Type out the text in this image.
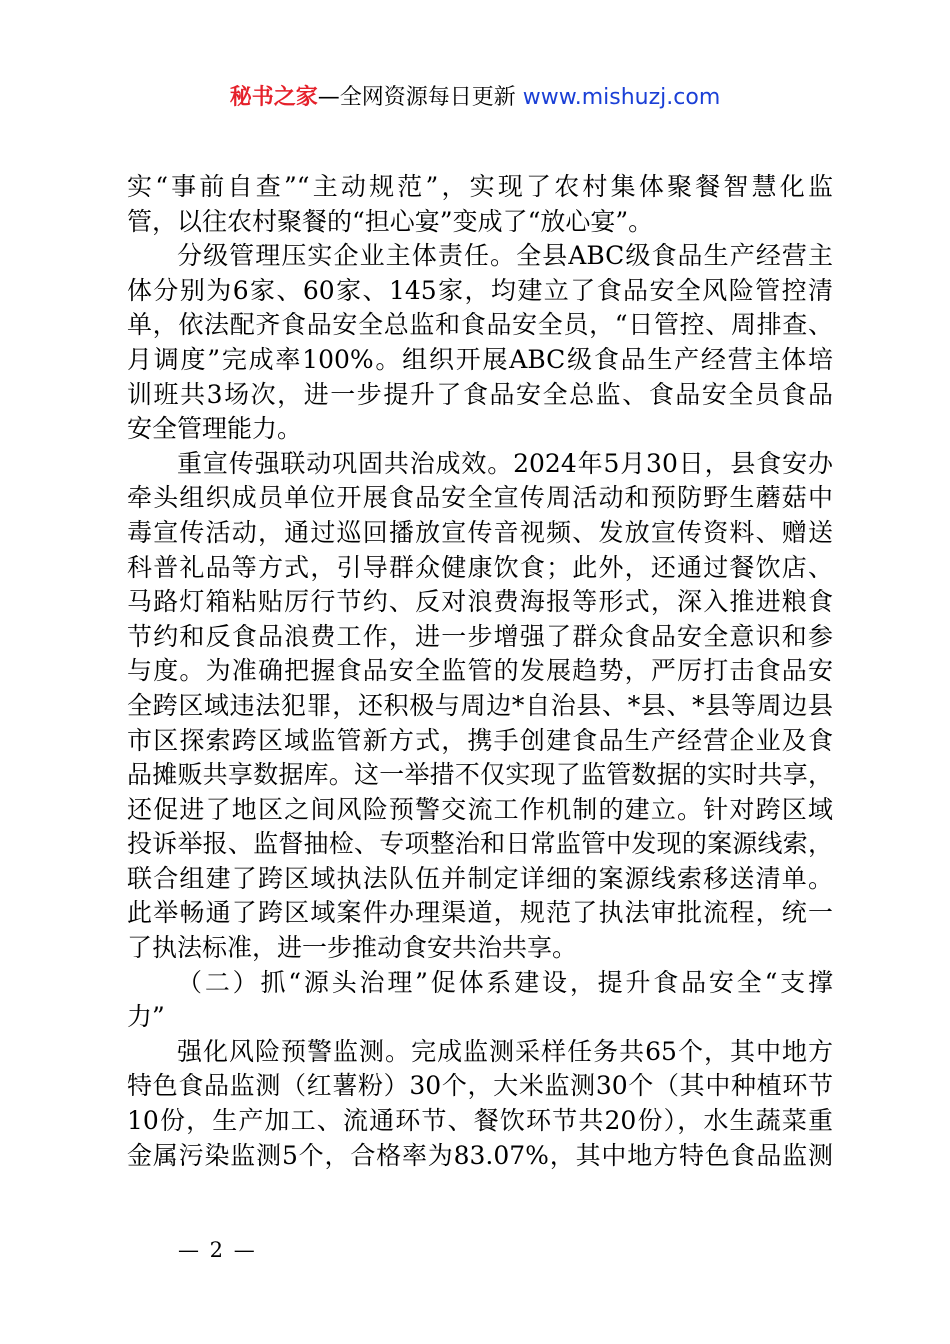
秘书之家—全网资源每日更新 www.mishuzj.com
实“事前自查”“主动规范”，实现了农村集体聚餐智慧化监
管，以往农村聚餐的“担心宴”变成了“放心宴”。
分级管理压实企业主体责任。全县ABC级食品生产经营主
体分别为6家、60家、145家，均建立了食品安全风险管控清
单，依法配齐食品安全总监和食品安全员，“日管控、周排查、
月调度”完成率100%。组织开展ABC级食品生产经营主体培
训班共3场次，进一步提升了食品安全总监、食品安全员食品
安全管理能力。
重宣传强联动巩固共治成效。2024年5月30日，县食安办
牵头组织成员单位开展食品安全宣传周活动和预防野生蘑菇中
毒宣传活动，通过巡回播放宣传音视频、发放宣传资料、赠送
科普礼品等方式，引导群众健康饮食；此外，还通过餐饮店、
马路灯箱粘贴厉行节约、反对浪费海报等形式，深入推进粮食
节约和反食品浪费工作，进一步增强了群众食品安全意识和参
与度。为准确把握食品安全监管的发展趋势，严厉打击食品安
全跨区域违法犯罪，还积极与周边*自治县、*县、*县等周边县
市区探索跨区域监管新方式，携手创建食品生产经营企业及食
品摊贩共享数据库。这一举措不仅实现了监管数据的实时共享，
还促进了地区之间风险预警交流工作机制的建立。针对跨区域
投诉举报、监督抽检、专项整治和日常监管中发现的案源线索，
联合组建了跨区域执法队伍并制定详细的案源线索移送清单。
此举畅通了跨区域案件办理渠道，规范了执法审批流程，统一
了执法标准，进一步推动食安共治共享。
（二）抓“源头治理”促体系建设，提升食品安全“支撑
力”
强化风险预警监测。完成监测采样任务共65个，其中地方
特色食品监测（红薯粉）30个，大米监测30个（其中种植环节
10份，生产加工、流通环节、餐饮环节共20份），水生蔬菜重
金属污染监测5个，合格率为83.07%，其中地方特色食品监测
— 2 —
